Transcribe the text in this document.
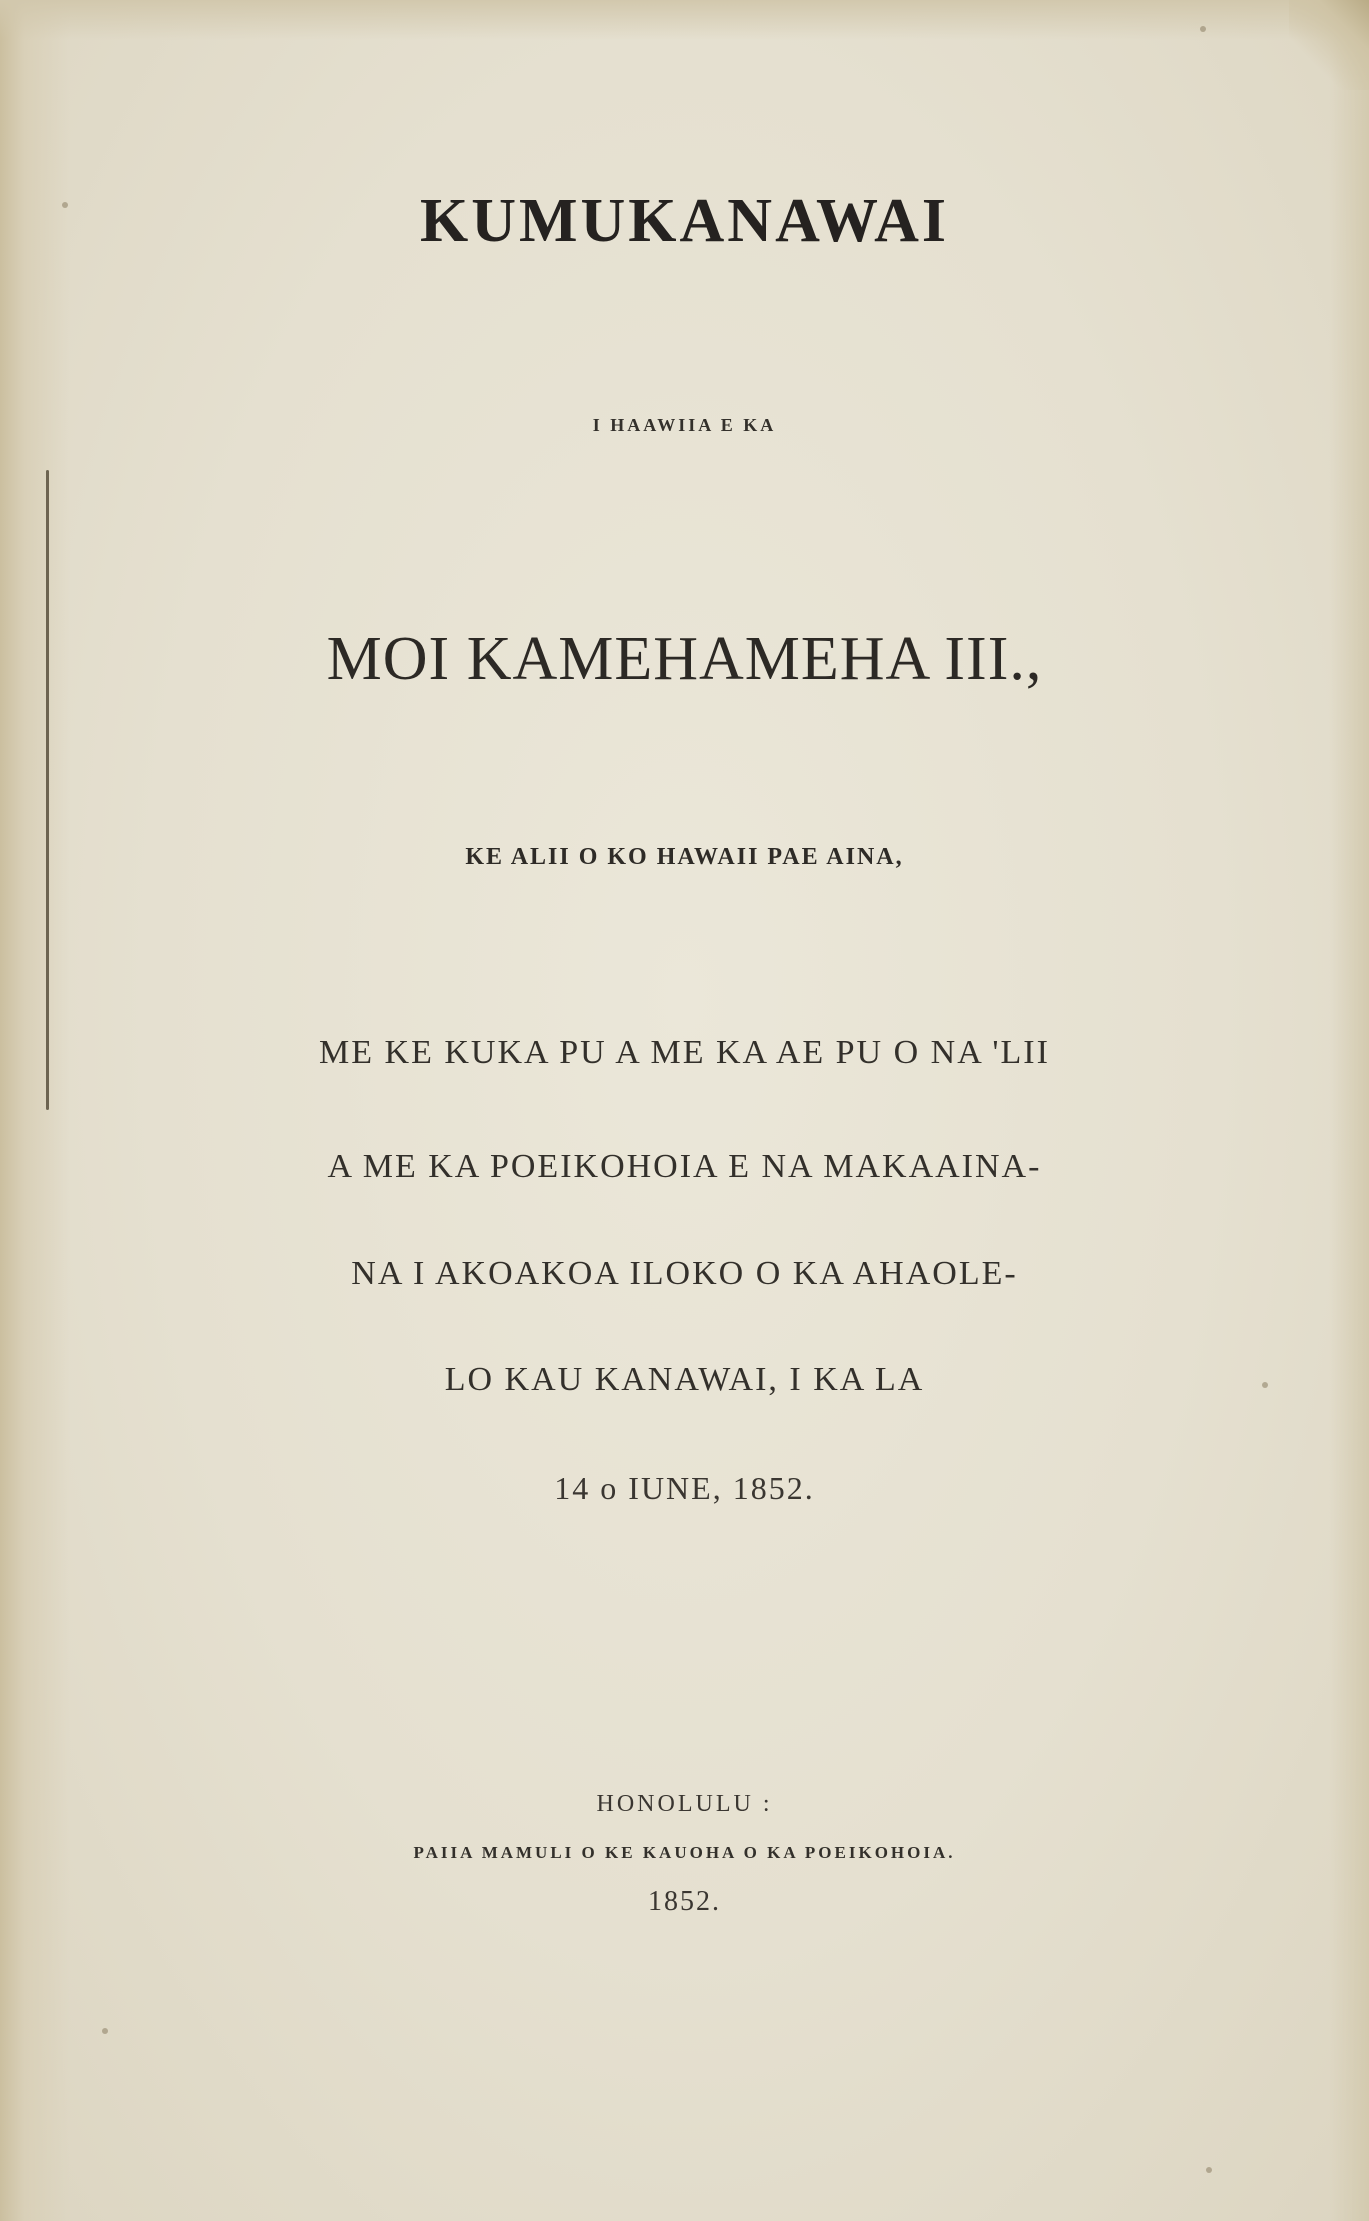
KUMUKANAWAI
I HAAWIIA E KA
MOI KAMEHAMEHA III.,
KE ALII O KO HAWAII PAE AINA,
ME KE KUKA PU A ME KA AE PU O NA 'LII
A ME KA POEIKOHOIA E NA MAKAAINA-
NA I AKOAKOA ILOKO O KA AHAOLE-
LO KAU KANAWAI, I KA LA
14 o IUNE, 1852.
HONOLULU :
PAIIA MAMULI O KE KAUOHA O KA POEIKOHOIA.
1852.
